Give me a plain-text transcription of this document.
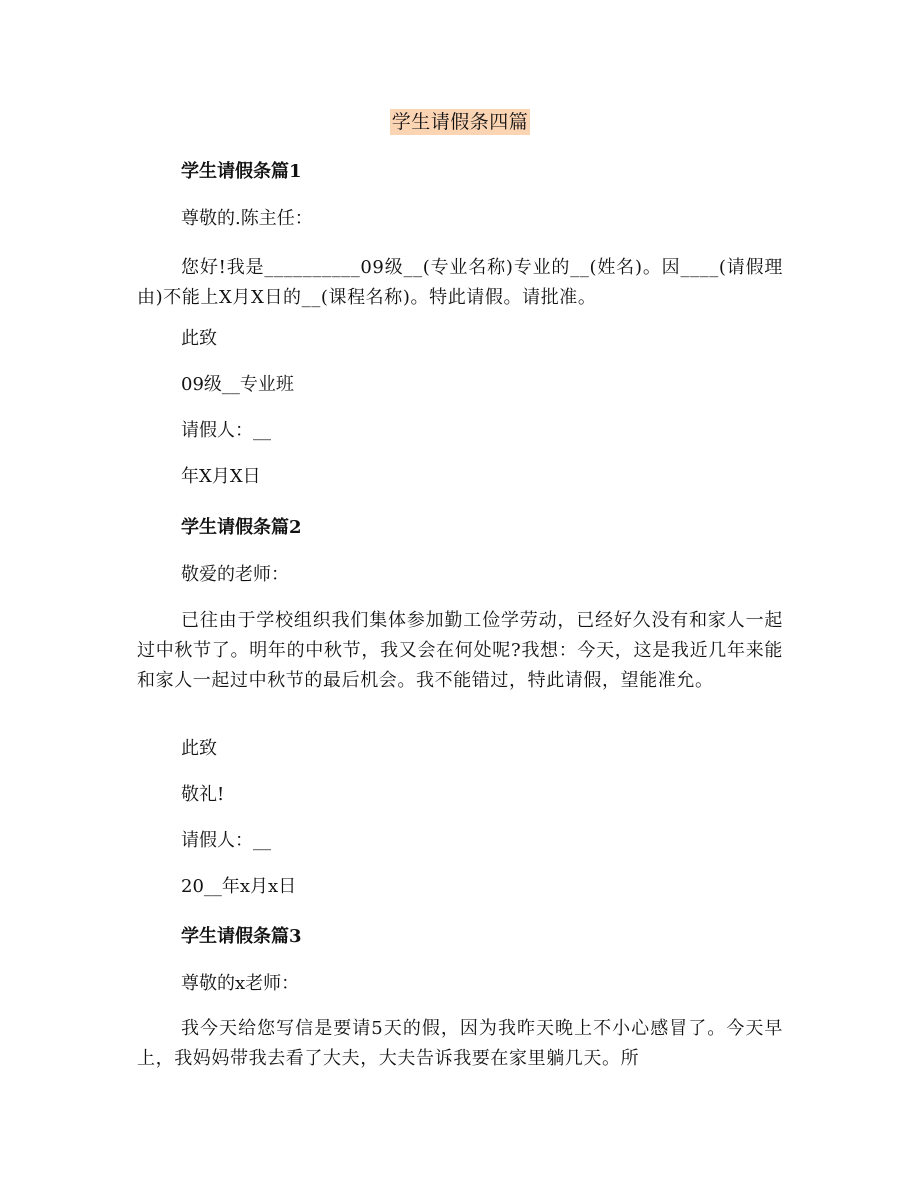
学生请假条四篇
学生请假条篇1
尊敬的.陈主任：
您好!我是__________09级__(专业名称)专业的__(姓名)。因____(请假理由)不能上X月X日的__(课程名称)。特此请假。请批准。
此致
09级__专业班
请假人：__
年X月X日
学生请假条篇2
敬爱的老师：
已往由于学校组织我们集体参加勤工俭学劳动，已经好久没有和家人一起过中秋节了。明年的中秋节，我又会在何处呢?我想：今天，这是我近几年来能和家人一起过中秋节的最后机会。我不能错过，特此请假，望能准允。
此致
敬礼!
请假人：__
20__年x月x日
学生请假条篇3
尊敬的x老师：
我今天给您写信是要请5天的假，因为我昨天晚上不小心感冒了。今天早上，我妈妈带我去看了大夫，大夫告诉我要在家里躺几天。所
